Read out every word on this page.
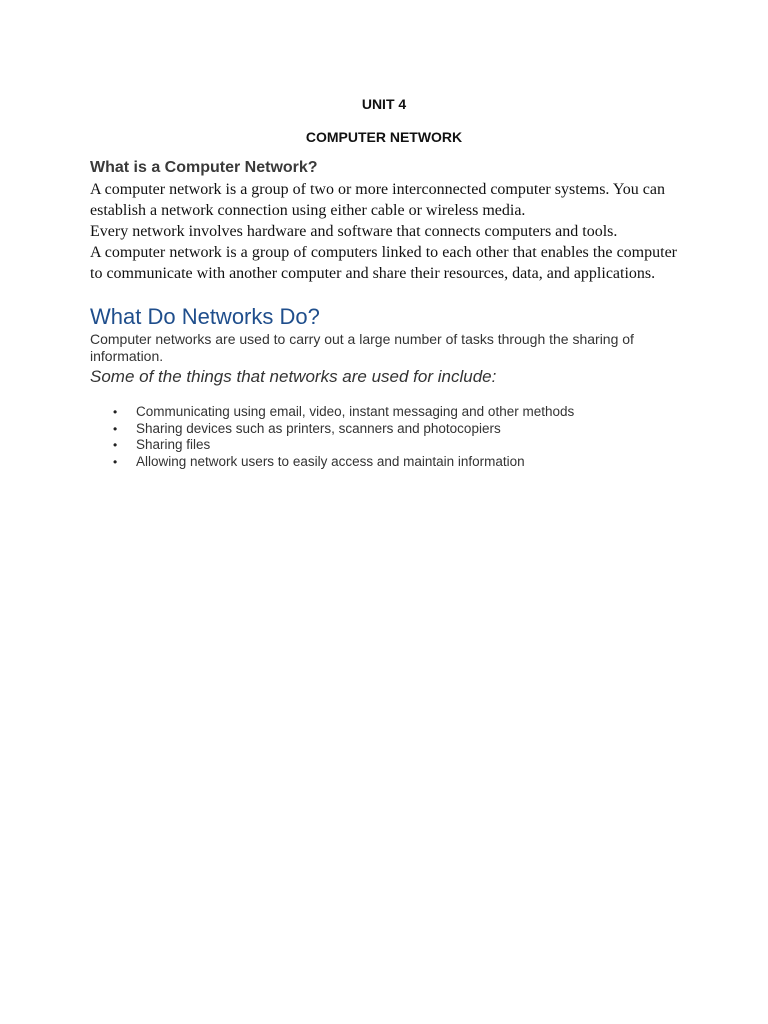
UNIT 4
COMPUTER NETWORK
What is a Computer Network?
A computer network is a group of two or more interconnected computer systems. You can establish a network connection using either cable or wireless media.
Every network involves hardware and software that connects computers and tools.
A computer network is a group of computers linked to each other that enables the computer to communicate with another computer and share their resources, data, and applications.
What Do Networks Do?
Computer networks are used to carry out a large number of tasks through the sharing of information.
Some of the things that networks are used for include:
• Communicating using email, video, instant messaging and other methods
• Sharing devices such as printers, scanners and photocopiers
• Sharing files
• Allowing network users to easily access and maintain information
